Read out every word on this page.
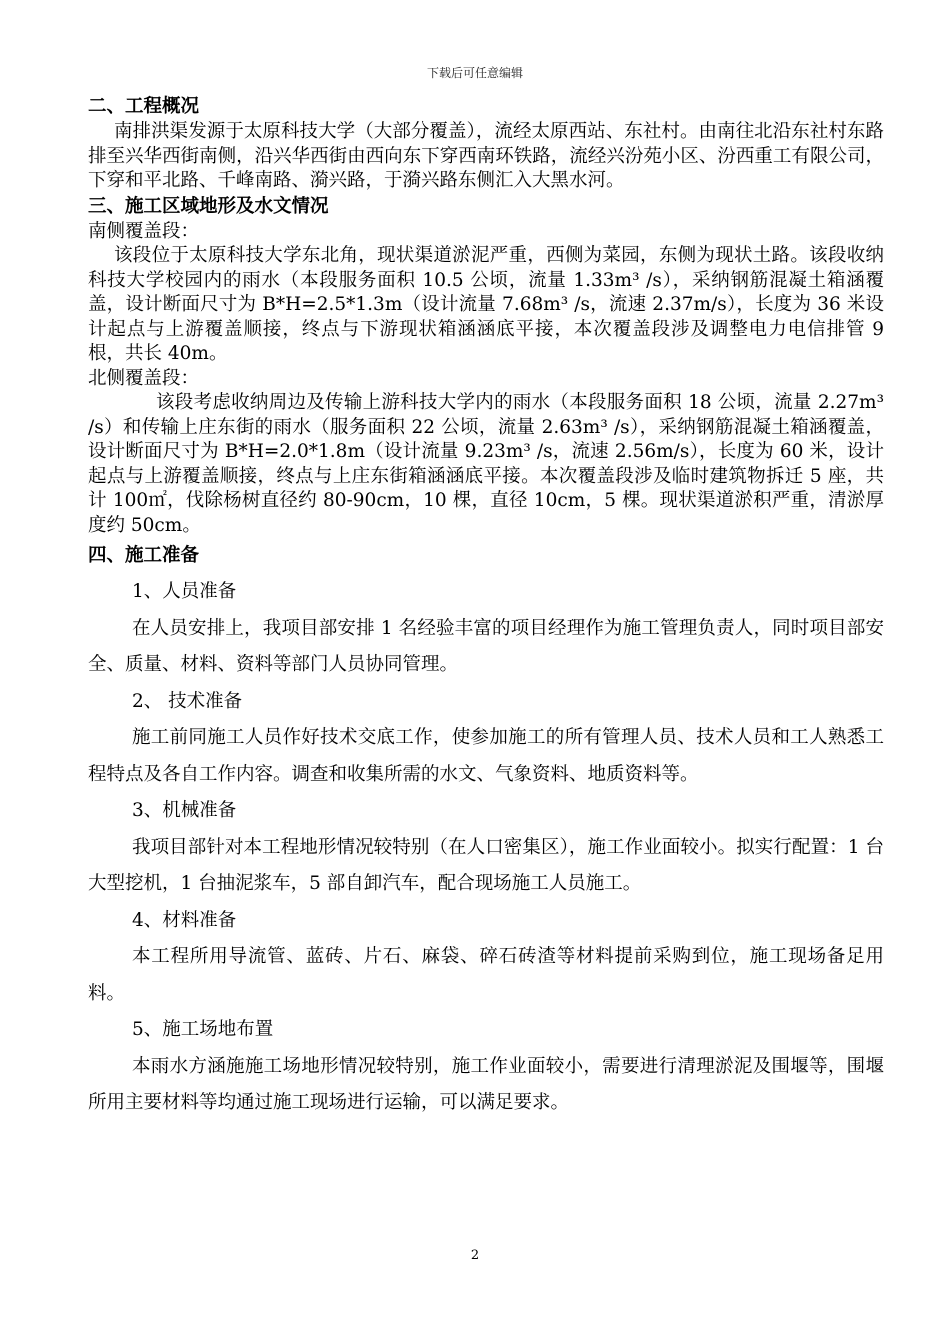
下载后可任意编辑

二、工程概况

南排洪渠发源于太原科技大学（大部分覆盖），流经太原西站、东社村。由南往北沿东社村东路排至兴华西街南侧，沿兴华西街由西向东下穿西南环铁路，流经兴汾苑小区、汾西重工有限公司，下穿和平北路、千峰南路、漪兴路，于漪兴路东侧汇入大黑水河。

三、施工区域地形及水文情况

南侧覆盖段：

该段位于太原科技大学东北角，现状渠道淤泥严重，西侧为菜园，东侧为现状土路。该段收纳科技大学校园内的雨水（本段服务面积 10.5 公顷，流量 1.33m³ /s），采纳钢筋混凝土箱涵覆盖，设计断面尺寸为 B*H=2.5*1.3m（设计流量 7.68m³ /s，流速 2.37m/s），长度为 36 米设计起点与上游覆盖顺接，终点与下游现状箱涵涵底平接，本次覆盖段涉及调整电力电信排管 9 根，共长 40m。

北侧覆盖段：

该段考虑收纳周边及传输上游科技大学内的雨水（本段服务面积 18 公顷，流量 2.27m³ /s）和传输上庄东街的雨水（服务面积 22 公顷，流量 2.63m³ /s），采纳钢筋混凝土箱涵覆盖，设计断面尺寸为 B*H=2.0*1.8m（设计流量 9.23m³ /s，流速 2.56m/s），长度为 60 米，设计起点与上游覆盖顺接，终点与上庄东街箱涵涵底平接。本次覆盖段涉及临时建筑物拆迁 5 座，共计 100㎡，伐除杨树直径约 80-90cm，10 棵，直径 10cm，5 棵。现状渠道淤积严重，清淤厚度约 50cm。

四、施工准备

1、人员准备

在人员安排上，我项目部安排 1 名经验丰富的项目经理作为施工管理负责人，同时项目部安全、质量、材料、资料等部门人员协同管理。

2、 技术准备

施工前同施工人员作好技术交底工作，使参加施工的所有管理人员、技术人员和工人熟悉工程特点及各自工作内容。调查和收集所需的水文、气象资料、地质资料等。

3、机械准备

我项目部针对本工程地形情况较特别（在人口密集区），施工作业面较小。拟实行配置：1 台大型挖机，1 台抽泥浆车，5 部自卸汽车，配合现场施工人员施工。

4、材料准备

本工程所用导流管、蓝砖、片石、麻袋、碎石砖渣等材料提前采购到位，施工现场备足用料。

5、施工场地布置

本雨水方涵施施工场地形情况较特别，施工作业面较小，需要进行清理淤泥及围堰等，围堰所用主要材料等均通过施工现场进行运输，可以满足要求。

2
